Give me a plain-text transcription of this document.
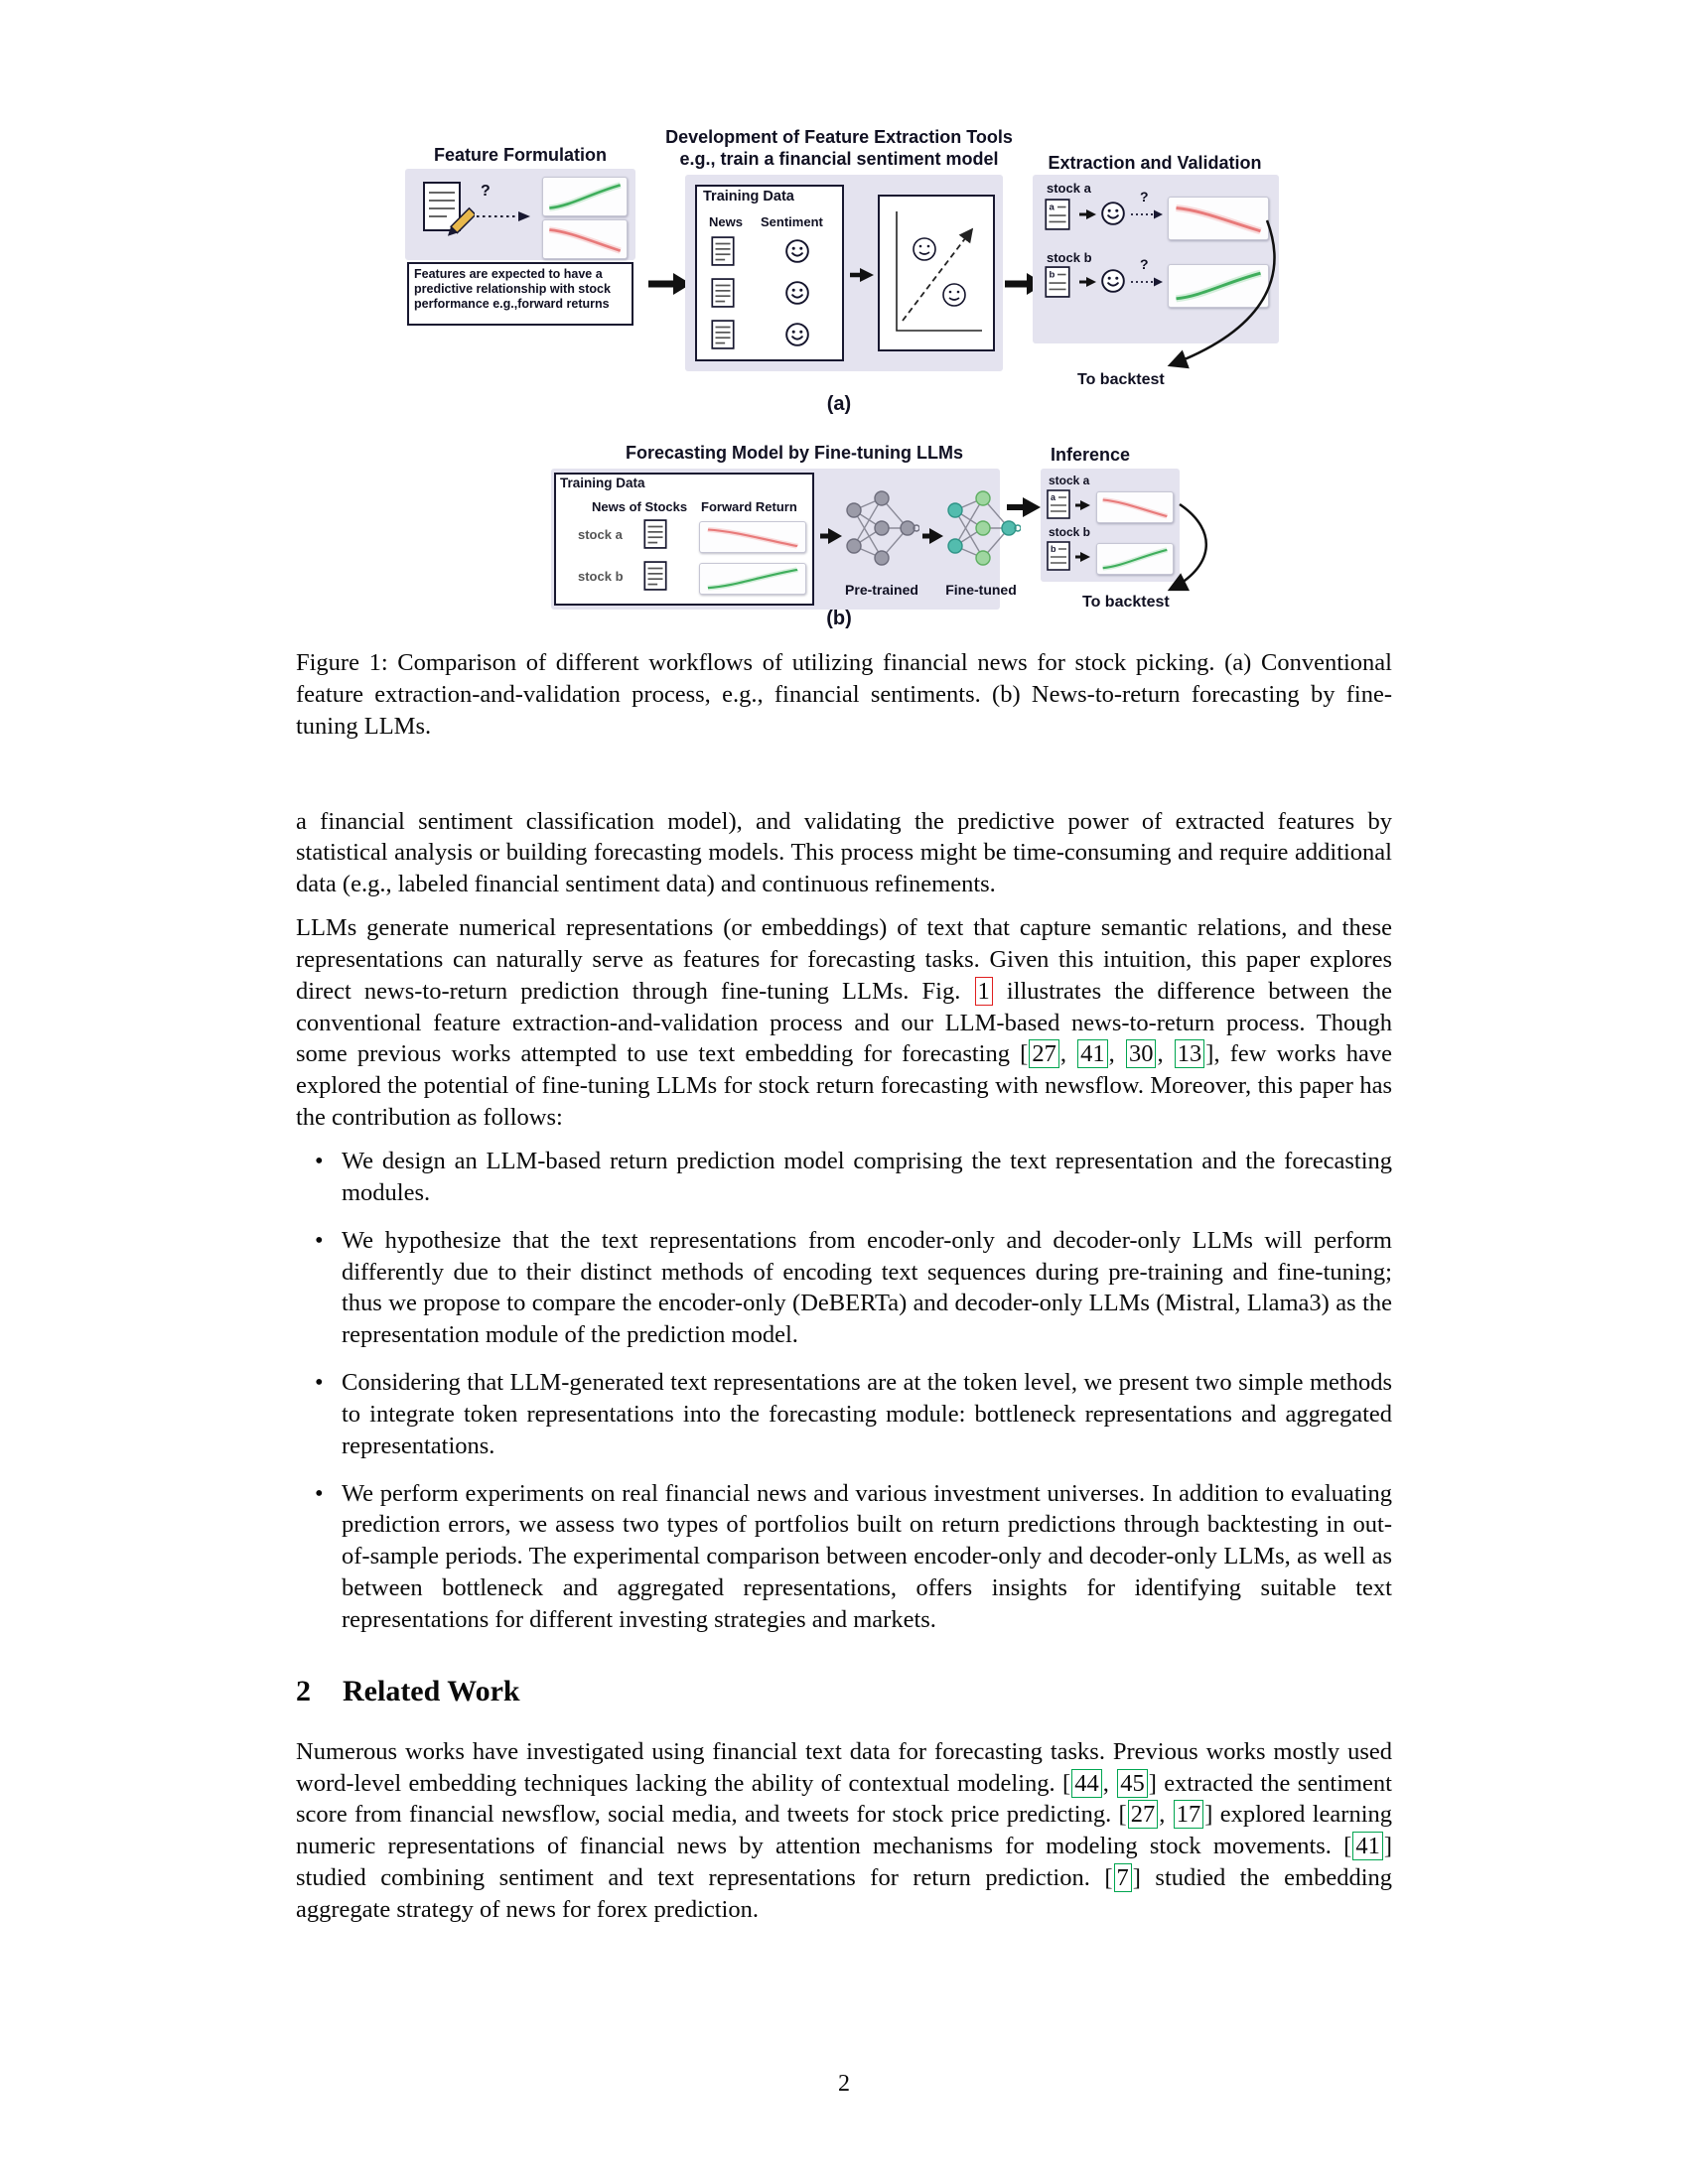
Feature Formulation
?
Features are expected to have a predictive relationship with stock performance e.g.,forward returns
Development of Feature Extraction Tools
e.g., train a financial sentiment model
Training Data
News Sentiment
Extraction and Validation
stock a
a
?
stock b
b
?
To backtest
(a)
Forecasting Model by Fine-tuning LLMs
Training Data
News of Stocks Forward Return
stock a
stock b
Pre-trained	Fine-tuned
Inference
stock a
a
stock b
b
To backtest
(b)

Figure 1: Comparison of different workflows of utilizing financial news for stock picking. (a) Conventional feature extraction-and-validation process, e.g., financial sentiments. (b) News-to-return forecasting by fine-tuning LLMs.

a financial sentiment classification model), and validating the predictive power of extracted features by statistical analysis or building forecasting models. This process might be time-consuming and require additional data (e.g., labeled financial sentiment data) and continuous refinements.

LLMs generate numerical representations (or embeddings) of text that capture semantic relations, and these representations can naturally serve as features for forecasting tasks. Given this intuition, this paper explores direct news-to-return prediction through fine-tuning LLMs. Fig. 1 illustrates the difference between the conventional feature extraction-and-validation process and our LLM-based news-to-return process. Though some previous works attempted to use text embedding for forecasting [ 27 , 41 , 30 , 13 ], few works have explored the potential of fine-tuning LLMs for stock return forecasting with newsflow. Moreover, this paper has the contribution as follows:

• We design an LLM-based return prediction model comprising the text representation and the forecasting modules.
• We hypothesize that the text representations from encoder-only and decoder-only LLMs will perform differently due to their distinct methods of encoding text sequences during pre-training and fine-tuning; thus we propose to compare the encoder-only (DeBERTa) and decoder-only LLMs (Mistral, Llama3) as the representation module of the prediction model.
• Considering that LLM-generated text representations are at the token level, we present two simple methods to integrate token representations into the forecasting module: bottleneck representations and aggregated representations.
• We perform experiments on real financial news and various investment universes. In addition to evaluating prediction errors, we assess two types of portfolios built on return predictions through backtesting in out-of-sample periods. The experimental comparison between encoder-only and decoder-only LLMs, as well as between bottleneck and aggregated representations, offers insights for identifying suitable text representations for different investing strategies and markets.
2 Related Work

Numerous works have investigated using financial text data for forecasting tasks. Previous works mostly used word-level embedding techniques lacking the ability of contextual modeling. [ 44 , 45 ] extracted the sentiment score from financial newsflow, social media, and tweets for stock price predicting. [ 27 , 17 ] explored learning numeric representations of financial news by attention mechanisms for modeling stock movements. [ 41 ] studied combining sentiment and text representations for return prediction. [ 7 ] studied the embedding aggregate strategy of news for forex prediction.

2
